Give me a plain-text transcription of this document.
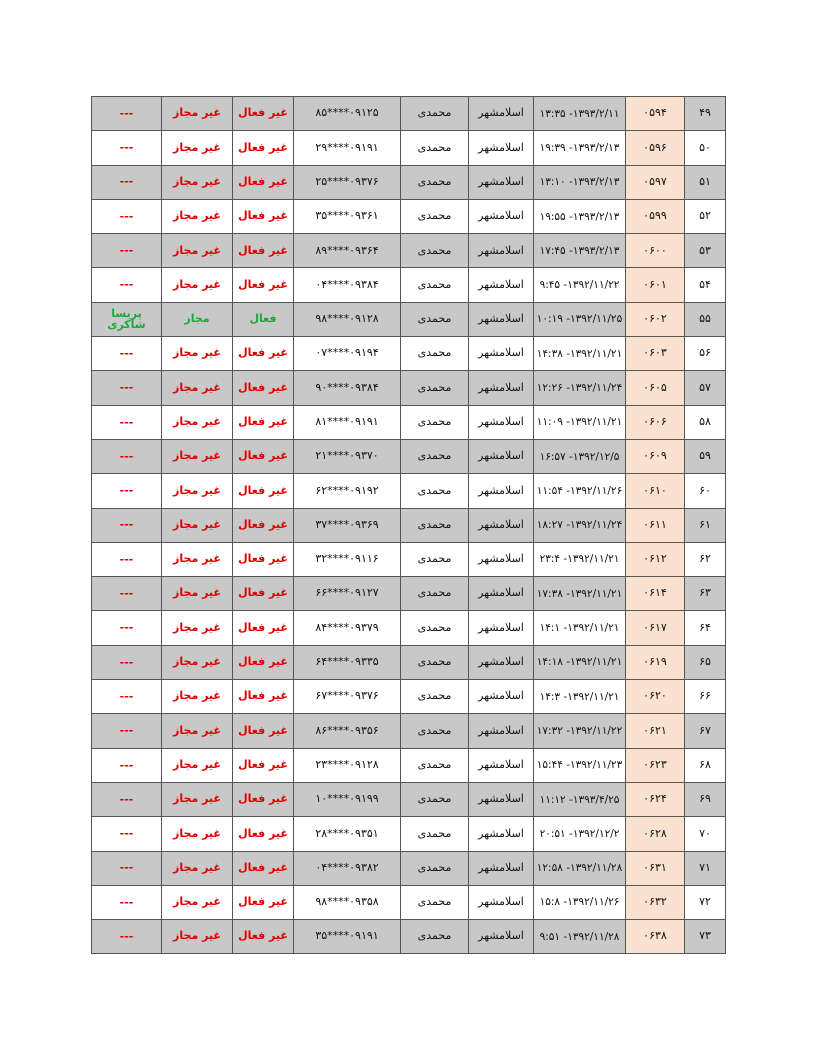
۴۹	۰۵۹۴	۱۳۹۳/۲/۱۱- ۱۳:۳۵	اسلامشهر	محمدی	۰۹۱۲۵****۸۵	غیر فعال	غیر مجاز	---
۵۰	۰۵۹۶	۱۳۹۳/۲/۱۳- ۱۹:۳۹	اسلامشهر	محمدی	۰۹۱۹۱****۲۹	غیر فعال	غیر مجاز	---
۵۱	۰۵۹۷	۱۳۹۳/۲/۱۳- ۱۳:۱۰	اسلامشهر	محمدی	۰۹۳۷۶****۲۵	غیر فعال	غیر مجاز	---
۵۲	۰۵۹۹	۱۳۹۳/۲/۱۳- ۱۹:۵۵	اسلامشهر	محمدی	۰۹۳۶۱****۳۵	غیر فعال	غیر مجاز	---
۵۳	۰۶۰۰	۱۳۹۳/۲/۱۳- ۱۷:۴۵	اسلامشهر	محمدی	۰۹۳۶۴****۸۹	غیر فعال	غیر مجاز	---
۵۴	۰۶۰۱	۱۳۹۲/۱۱/۲۲- ۹:۴۵	اسلامشهر	محمدی	۰۹۳۸۴****۰۴	غیر فعال	غیر مجاز	---
۵۵	۰۶۰۲	۱۳۹۲/۱۱/۲۵- ۱۰:۱۹	اسلامشهر	محمدی	۰۹۱۲۸****۹۸	فعال	مجاز	پریسا شاکری
۵۶	۰۶۰۳	۱۳۹۲/۱۱/۲۱- ۱۴:۳۸	اسلامشهر	محمدی	۰۹۱۹۴****۰۷	غیر فعال	غیر مجاز	---
۵۷	۰۶۰۵	۱۳۹۲/۱۱/۲۴- ۱۲:۲۶	اسلامشهر	محمدی	۰۹۳۸۴****۹۰	غیر فعال	غیر مجاز	---
۵۸	۰۶۰۶	۱۳۹۲/۱۱/۲۱- ۱۱:۰۹	اسلامشهر	محمدی	۰۹۱۹۱****۸۱	غیر فعال	غیر مجاز	---
۵۹	۰۶۰۹	۱۳۹۲/۱۲/۵- ۱۶:۵۷	اسلامشهر	محمدی	۰۹۳۷۰****۲۱	غیر فعال	غیر مجاز	---
۶۰	۰۶۱۰	۱۳۹۲/۱۱/۲۶- ۱۱:۵۴	اسلامشهر	محمدی	۰۹۱۹۲****۶۲	غیر فعال	غیر مجاز	---
۶۱	۰۶۱۱	۱۳۹۲/۱۱/۲۴- ۱۸:۲۷	اسلامشهر	محمدی	۰۹۳۶۹****۳۷	غیر فعال	غیر مجاز	---
۶۲	۰۶۱۲	۱۳۹۲/۱۱/۲۱- ۲۳:۴	اسلامشهر	محمدی	۰۹۱۱۶****۳۲	غیر فعال	غیر مجاز	---
۶۳	۰۶۱۴	۱۳۹۲/۱۱/۲۱- ۱۷:۳۸	اسلامشهر	محمدی	۰۹۱۲۷****۶۶	غیر فعال	غیر مجاز	---
۶۴	۰۶۱۷	۱۳۹۲/۱۱/۲۱- ۱۴:۱	اسلامشهر	محمدی	۰۹۳۷۹****۸۴	غیر فعال	غیر مجاز	---
۶۵	۰۶۱۹	۱۳۹۲/۱۱/۲۱- ۱۴:۱۸	اسلامشهر	محمدی	۰۹۳۳۵****۶۴	غیر فعال	غیر مجاز	---
۶۶	۰۶۲۰	۱۳۹۲/۱۱/۲۱- ۱۴:۳	اسلامشهر	محمدی	۰۹۳۷۶****۶۷	غیر فعال	غیر مجاز	---
۶۷	۰۶۲۱	۱۳۹۲/۱۱/۲۲- ۱۷:۳۲	اسلامشهر	محمدی	۰۹۳۵۶****۸۶	غیر فعال	غیر مجاز	---
۶۸	۰۶۲۳	۱۳۹۲/۱۱/۲۳- ۱۵:۴۴	اسلامشهر	محمدی	۰۹۱۲۸****۲۳	غیر فعال	غیر مجاز	---
۶۹	۰۶۲۴	۱۳۹۳/۴/۲۵- ۱۱:۱۲	اسلامشهر	محمدی	۰۹۱۹۹****۱۰	غیر فعال	غیر مجاز	---
۷۰	۰۶۲۸	۱۳۹۲/۱۲/۲- ۲۰:۵۱	اسلامشهر	محمدی	۰۹۳۵۱****۲۸	غیر فعال	غیر مجاز	---
۷۱	۰۶۳۱	۱۳۹۲/۱۱/۲۸- ۱۲:۵۸	اسلامشهر	محمدی	۰۹۳۸۲****۰۴	غیر فعال	غیر مجاز	---
۷۲	۰۶۳۲	۱۳۹۲/۱۱/۲۶- ۱۵:۸	اسلامشهر	محمدی	۰۹۳۵۸****۹۸	غیر فعال	غیر مجاز	---
۷۳	۰۶۳۸	۱۳۹۲/۱۱/۲۸- ۹:۵۱	اسلامشهر	محمدی	۰۹۱۹۱****۳۵	غیر فعال	غیر مجاز	---
